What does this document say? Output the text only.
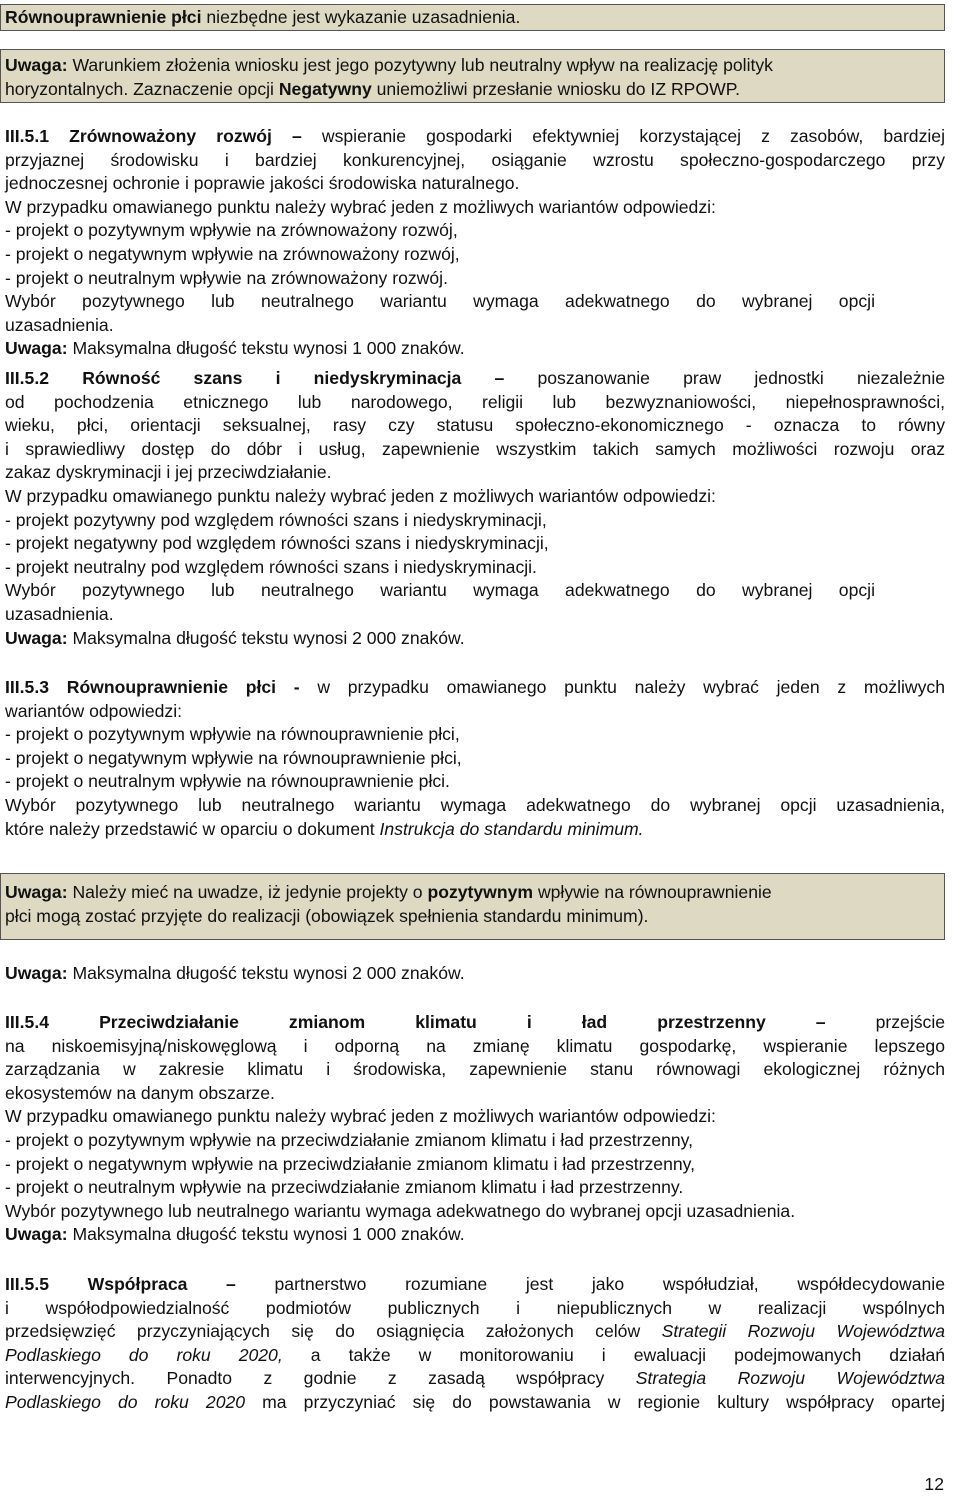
Równouprawnienie płci niezbędne jest wykazanie uzasadnienia.
Uwaga: Warunkiem złożenia wniosku jest jego pozytywny lub neutralny wpływ na realizację polityk
horyzontalnych. Zaznaczenie opcji Negatywny uniemożliwi przesłanie wniosku do IZ RPOWP.
III.5.1 Zrównoważony rozwój – wspieranie gospodarki efektywniej korzystającej z zasobów, bardziej
przyjaznej środowisku i bardziej konkurencyjnej, osiąganie wzrostu społeczno-gospodarczego przy
jednoczesnej ochronie i poprawie jakości środowiska naturalnego.
W przypadku omawianego punktu należy wybrać jeden z możliwych wariantów odpowiedzi:
- projekt o pozytywnym wpływie na zrównoważony rozwój,
- projekt o negatywnym wpływie na zrównoważony rozwój,
- projekt o neutralnym wpływie na zrównoważony rozwój.
Wybór pozytywnego lub neutralnego wariantu wymaga adekwatnego do wybranej opcji
uzasadnienia.
Uwaga: Maksymalna długość tekstu wynosi 1 000 znaków.
III.5.2 Równość szans i niedyskryminacja – poszanowanie praw jednostki niezależnie
od pochodzenia etnicznego lub narodowego, religii lub bezwyznaniowości, niepełnosprawności,
wieku, płci, orientacji seksualnej, rasy czy statusu społeczno-ekonomicznego - oznacza to równy
i sprawiedliwy dostęp do dóbr i usług, zapewnienie wszystkim takich samych możliwości rozwoju oraz
zakaz dyskryminacji i jej przeciwdziałanie.
W przypadku omawianego punktu należy wybrać jeden z możliwych wariantów odpowiedzi:
- projekt pozytywny pod względem równości szans i niedyskryminacji,
- projekt negatywny pod względem równości szans i niedyskryminacji,
- projekt neutralny pod względem równości szans i niedyskryminacji.
Wybór pozytywnego lub neutralnego wariantu wymaga adekwatnego do wybranej opcji
uzasadnienia.
Uwaga: Maksymalna długość tekstu wynosi 2 000 znaków.
III.5.3 Równouprawnienie płci - w przypadku omawianego punktu należy wybrać jeden z możliwych
wariantów odpowiedzi:
- projekt o pozytywnym wpływie na równouprawnienie płci,
- projekt o negatywnym wpływie na równouprawnienie płci,
- projekt o neutralnym wpływie na równouprawnienie płci.
Wybór pozytywnego lub neutralnego wariantu wymaga adekwatnego do wybranej opcji uzasadnienia,
które należy przedstawić w oparciu o dokument Instrukcja do standardu minimum.
Uwaga: Należy mieć na uwadze, iż jedynie projekty o pozytywnym wpływie na równouprawnienie
płci mogą zostać przyjęte do realizacji (obowiązek spełnienia standardu minimum).
Uwaga: Maksymalna długość tekstu wynosi 2 000 znaków.
III.5.4	Przeciwdziałanie zmianom klimatu i ład przestrzenny –	przejście
na niskoemisyjną/niskowęglową i odporną na zmianę klimatu gospodarkę, wspieranie lepszego
zarządzania w zakresie klimatu i środowiska, zapewnienie stanu równowagi ekologicznej różnych
ekosystemów na danym obszarze.
W przypadku omawianego punktu należy wybrać jeden z możliwych wariantów odpowiedzi:
- projekt o pozytywnym wpływie na przeciwdziałanie zmianom klimatu i ład przestrzenny,
- projekt o negatywnym wpływie na przeciwdziałanie zmianom klimatu i ład przestrzenny,
- projekt o neutralnym wpływie na przeciwdziałanie zmianom klimatu i ład przestrzenny.
Wybór pozytywnego lub neutralnego wariantu wymaga adekwatnego do wybranej opcji uzasadnienia.
Uwaga: Maksymalna długość tekstu wynosi 1 000 znaków.
III.5.5 Współpraca – partnerstwo rozumiane jest jako współudział, współdecydowanie
i współodpowiedzialność podmiotów publicznych i niepublicznych w realizacji wspólnych
przedsięwzięć przyczyniających się do osiągnięcia założonych celów Strategii Rozwoju Województwa
Podlaskiego do roku 2020, a także w monitorowaniu i ewaluacji podejmowanych działań
interwencyjnych. Ponadto z godnie z zasadą współpracy Strategia Rozwoju Województwa
Podlaskiego do roku 2020 ma przyczyniać się do powstawania w regionie kultury współpracy opartej
12
